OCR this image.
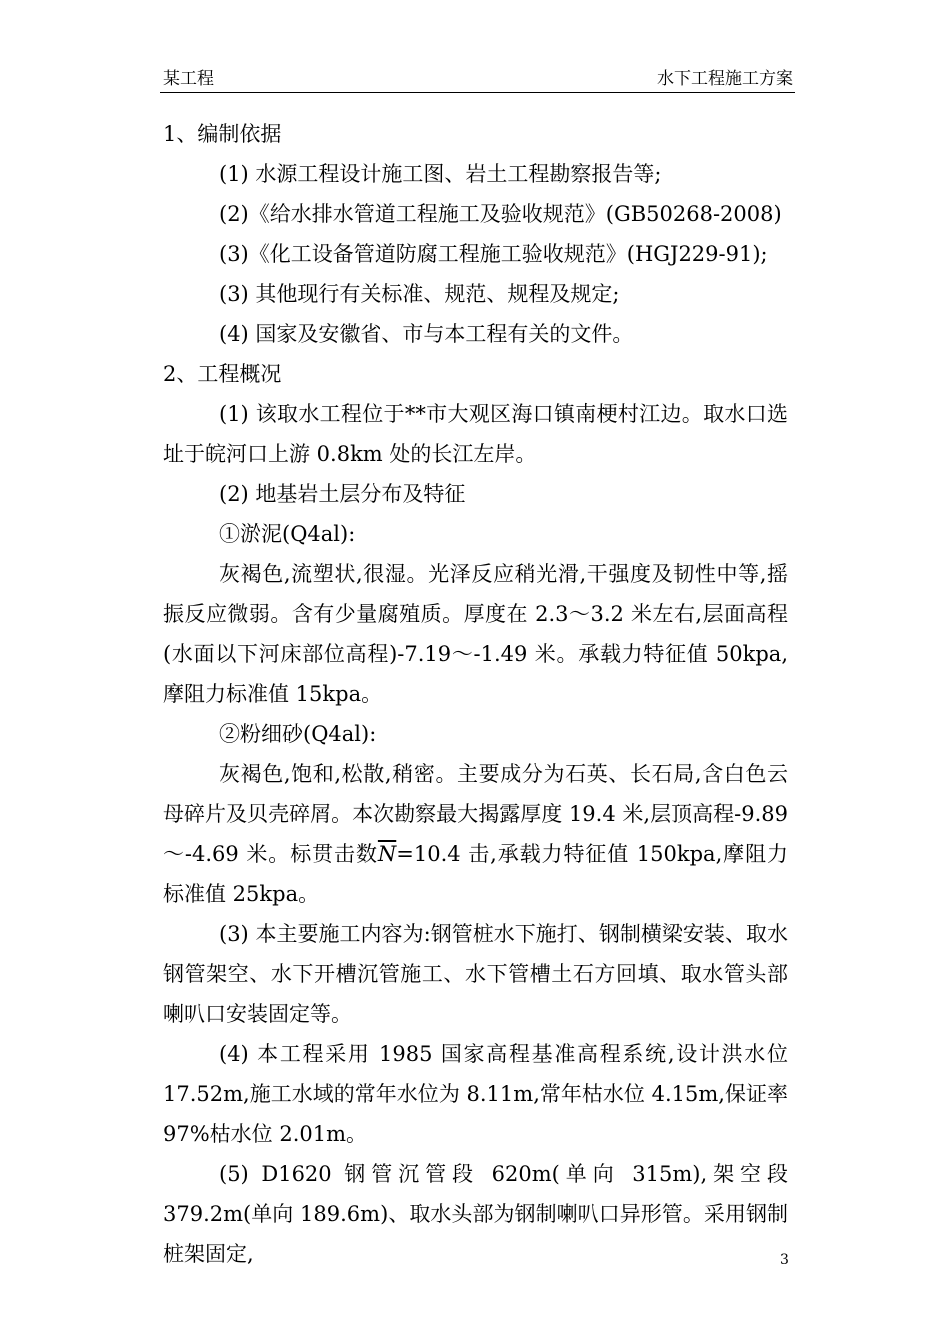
某工程	水下工程施工方案

1、编制依据

(1) 水源工程设计施工图、岩土工程勘察报告等;

(2)《给水排水管道工程施工及验收规范》(GB50268-2008)

(3)《化工设备管道防腐工程施工验收规范》(HGJ229-91);

(3) 其他现行有关标准、规范、规程及规定;

(4) 国家及安徽省、市与本工程有关的文件。

2、工程概况

(1) 该取水工程位于**市大观区海口镇南梗村江边。取水口选址于皖河口上游 0.8km 处的长江左岸。

(2) 地基岩土层分布及特征

①淤泥(Q4al):

灰褐色,流塑状,很湿。光泽反应稍光滑,干强度及韧性中等,摇振反应微弱。含有少量腐殖质。厚度在 2.3～3.2 米左右,层面高程(水面以下河床部位高程)-7.19～-1.49 米。承载力特征值 50kpa,摩阻力标准值 15kpa。

②粉细砂(Q4al):

灰褐色,饱和,松散,稍密。主要成分为石英、长石局,含白色云母碎片及贝壳碎屑。本次勘察最大揭露厚度 19.4 米,层顶高程-9.89～-4.69 米。标贯击数$\overline{N}=10.4$ 击,承载力特征值 150kpa,摩阻力标准值 25kpa。

(3) 本主要施工内容为:钢管桩水下施打、钢制横梁安装、取水钢管架空、水下开槽沉管施工、水下管槽土石方回填、取水管头部喇叭口安装固定等。

(4) 本工程采用 1985 国家高程基准高程系统,设计洪水位 17.52m,施工水域的常年水位为 8.11m,常年枯水位 4.15m,保证率 97%枯水位 2.01m。

(5) D1620 钢管沉管段 620m(单向 315m),架空段 379.2m(单向 189.6m)、取水头部为钢制喇叭口异形管。采用钢制桩架固定,	3
